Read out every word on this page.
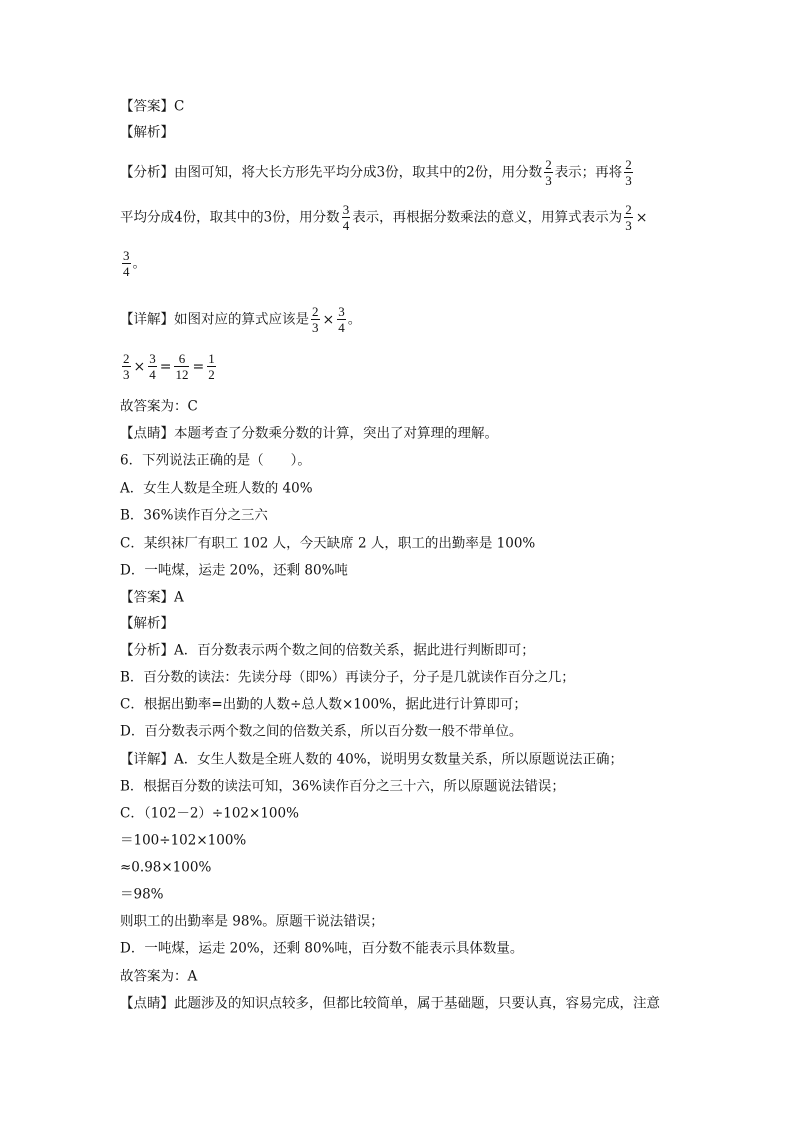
【答案】C
【解析】
【分析】由图可知，将大长方形先平均分成3份，取其中的2份，用分数 $\frac{2}{3}$ 表示；再将 $\frac{2}{3}$
平均分成4份，取其中的3份，用分数 $\frac{3}{4}$ 表示，再根据分数乘法的意义，用算式表示为 $\frac{2}{3}$ ×
$\frac{3}{4}$ 。
【详解】如图对应的算式应该是 $\frac{2}{3} \times \frac{3}{4}$ 。
$\frac{2}{3} \times \frac{3}{4} = \frac{6}{12} = \frac{1}{2}$
故答案为：C
【点睛】本题考查了分数乘分数的计算，突出了对算理的理解。
6．下列说法正确的是（　　）。
A．女生人数是全班人数的 40%
B．36%读作百分之三六
C．某织袜厂有职工 102 人，今天缺席 2 人，职工的出勤率是 100%
D．一吨煤，运走 20%，还剩 80%吨
【答案】A
【解析】
【分析】A．百分数表示两个数之间的倍数关系，据此进行判断即可；
B．百分数的读法：先读分母（即%）再读分子，分子是几就读作百分之几；
C．根据出勤率=出勤的人数÷总人数×100%，据此进行计算即可；
D．百分数表示两个数之间的倍数关系，所以百分数一般不带单位。
【详解】A．女生人数是全班人数的 40%，说明男女数量关系，所以原题说法正确；
B．根据百分数的读法可知，36%读作百分之三十六，所以原题说法错误；
C．（102－2）÷102×100%
＝100÷102×100%
≈0.98×100%
＝98%
则职工的出勤率是 98%。原题干说法错误；
D．一吨煤，运走 20%，还剩 80%吨，百分数不能表示具体数量。
故答案为：A
【点睛】此题涉及的知识点较多，但都比较简单，属于基础题，只要认真，容易完成，注意
